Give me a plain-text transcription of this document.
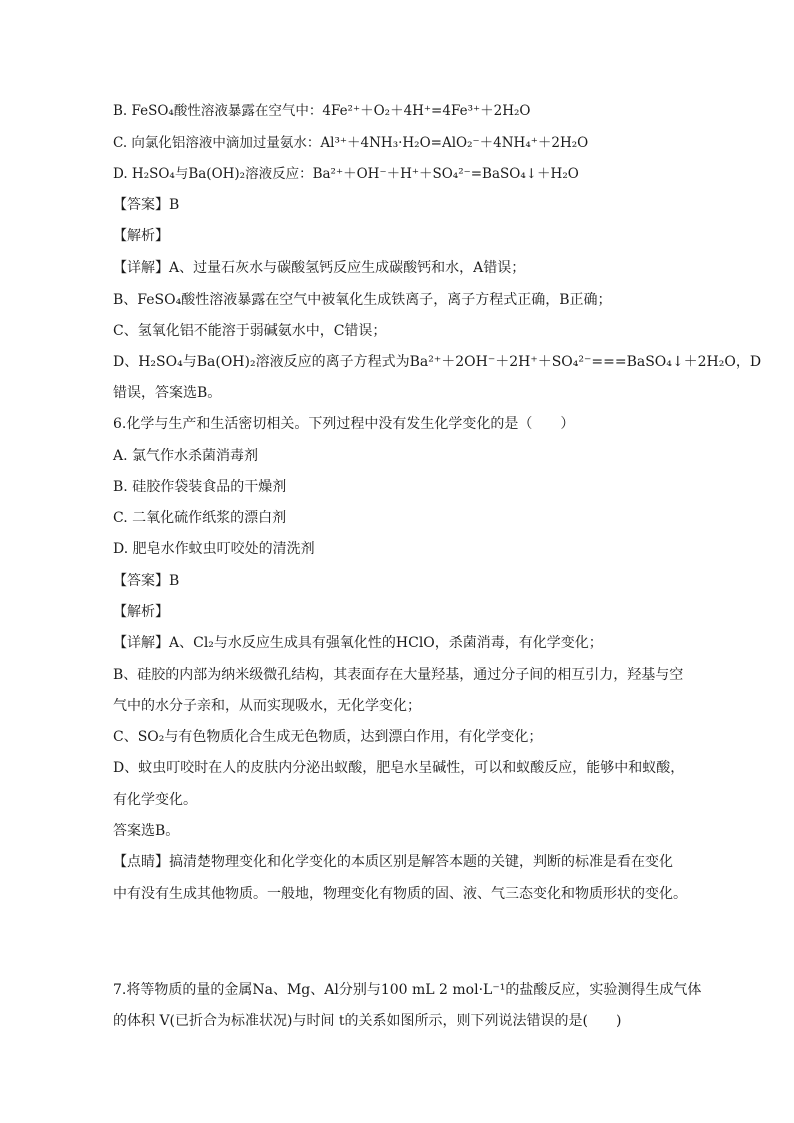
B. FeSO₄酸性溶液暴露在空气中：4Fe²⁺＋O₂＋4H⁺=4Fe³⁺＋2H₂O
C. 向氯化铝溶液中滴加过量氨水：Al³⁺＋4NH₃·H₂O=AlO₂⁻＋4NH₄⁺＋2H₂O
D. H₂SO₄与Ba(OH)₂溶液反应：Ba²⁺＋OH⁻＋H⁺＋SO₄²⁻=BaSO₄↓＋H₂O
【答案】B
【解析】
【详解】A、过量石灰水与碳酸氢钙反应生成碳酸钙和水，A错误；
B、FeSO₄酸性溶液暴露在空气中被氧化生成铁离子，离子方程式正确，B正确；
C、氢氧化铝不能溶于弱碱氨水中，C错误；
D、H₂SO₄与Ba(OH)₂溶液反应的离子方程式为Ba²⁺＋2OH⁻＋2H⁺＋SO₄²⁻===BaSO₄↓＋2H₂O，D
错误，答案选B。
6.化学与生产和生活密切相关。下列过程中没有发生化学变化的是（　　）
A. 氯气作水杀菌消毒剂
B. 硅胶作袋装食品的干燥剂
C. 二氧化硫作纸浆的漂白剂
D. 肥皂水作蚊虫叮咬处的清洗剂
【答案】B
【解析】
【详解】A、Cl₂与水反应生成具有强氧化性的HClO，杀菌消毒，有化学变化；
B、硅胶的内部为纳米级微孔结构，其表面存在大量羟基，通过分子间的相互引力，羟基与空
气中的水分子亲和，从而实现吸水，无化学变化；
C、SO₂与有色物质化合生成无色物质，达到漂白作用，有化学变化；
D、蚊虫叮咬时在人的皮肤内分泌出蚁酸，肥皂水呈碱性，可以和蚁酸反应，能够中和蚁酸，
有化学变化。
答案选B。
【点睛】搞清楚物理变化和化学变化的本质区别是解答本题的关键，判断的标准是看在变化
中有没有生成其他物质。一般地，物理变化有物质的固、液、气三态变化和物质形状的变化。
7.将等物质的量的金属Na、Mg、Al分别与100 mL 2 mol·L⁻¹的盐酸反应，实验测得生成气体
的体积 V(已折合为标准状况)与时间 t的关系如图所示，则下列说法错误的是(　　)
